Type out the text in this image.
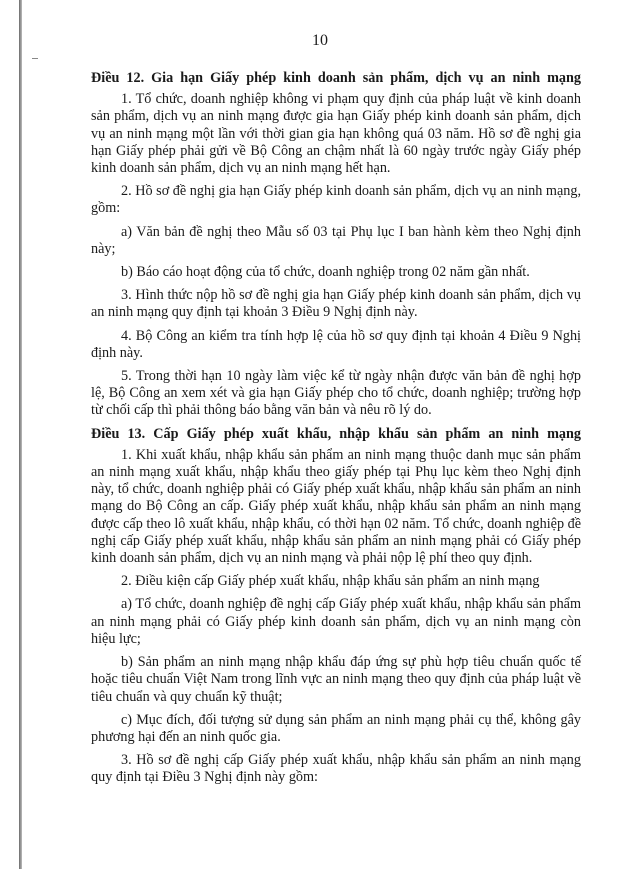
10
Điều 12. Gia hạn Giấy phép kinh doanh sản phẩm, dịch vụ an ninh mạng

1. Tổ chức, doanh nghiệp không vi phạm quy định của pháp luật về kinh doanh sản phẩm, dịch vụ an ninh mạng được gia hạn Giấy phép kinh doanh sản phẩm, dịch vụ an ninh mạng một lần với thời gian gia hạn không quá 03 năm. Hồ sơ đề nghị gia hạn Giấy phép phải gửi về Bộ Công an chậm nhất là 60 ngày trước ngày Giấy phép kinh doanh sản phẩm, dịch vụ an ninh mạng hết hạn.

2. Hồ sơ đề nghị gia hạn Giấy phép kinh doanh sản phẩm, dịch vụ an ninh mạng, gồm:

a) Văn bản đề nghị theo Mẫu số 03 tại Phụ lục I ban hành kèm theo Nghị định này;

b) Báo cáo hoạt động của tổ chức, doanh nghiệp trong 02 năm gần nhất.

3. Hình thức nộp hồ sơ đề nghị gia hạn Giấy phép kinh doanh sản phẩm, dịch vụ an ninh mạng quy định tại khoản 3 Điều 9 Nghị định này.

4. Bộ Công an kiểm tra tính hợp lệ của hồ sơ quy định tại khoản 4 Điều 9 Nghị định này.

5. Trong thời hạn 10 ngày làm việc kể từ ngày nhận được văn bản đề nghị hợp lệ, Bộ Công an xem xét và gia hạn Giấy phép cho tổ chức, doanh nghiệp; trường hợp từ chối cấp thì phải thông báo bằng văn bản và nêu rõ lý do.

Điều 13. Cấp Giấy phép xuất khẩu, nhập khẩu sản phẩm an ninh mạng

1. Khi xuất khẩu, nhập khẩu sản phẩm an ninh mạng thuộc danh mục sản phẩm an ninh mạng xuất khẩu, nhập khẩu theo giấy phép tại Phụ lục kèm theo Nghị định này, tổ chức, doanh nghiệp phải có Giấy phép xuất khẩu, nhập khẩu sản phẩm an ninh mạng do Bộ Công an cấp. Giấy phép xuất khẩu, nhập khẩu sản phẩm an ninh mạng được cấp theo lô xuất khẩu, nhập khẩu, có thời hạn 02 năm. Tổ chức, doanh nghiệp đề nghị cấp Giấy phép xuất khẩu, nhập khẩu sản phẩm an ninh mạng phải có Giấy phép kinh doanh sản phẩm, dịch vụ an ninh mạng và phải nộp lệ phí theo quy định.

2. Điều kiện cấp Giấy phép xuất khẩu, nhập khẩu sản phẩm an ninh mạng

a) Tổ chức, doanh nghiệp đề nghị cấp Giấy phép xuất khẩu, nhập khẩu sản phẩm an ninh mạng phải có Giấy phép kinh doanh sản phẩm, dịch vụ an ninh mạng còn hiệu lực;

b) Sản phẩm an ninh mạng nhập khẩu đáp ứng sự phù hợp tiêu chuẩn quốc tế hoặc tiêu chuẩn Việt Nam trong lĩnh vực an ninh mạng theo quy định của pháp luật về tiêu chuẩn và quy chuẩn kỹ thuật;

c) Mục đích, đối tượng sử dụng sản phẩm an ninh mạng phải cụ thể, không gây phương hại đến an ninh quốc gia.

3. Hồ sơ đề nghị cấp Giấy phép xuất khẩu, nhập khẩu sản phẩm an ninh mạng quy định tại Điều 3 Nghị định này gồm:
